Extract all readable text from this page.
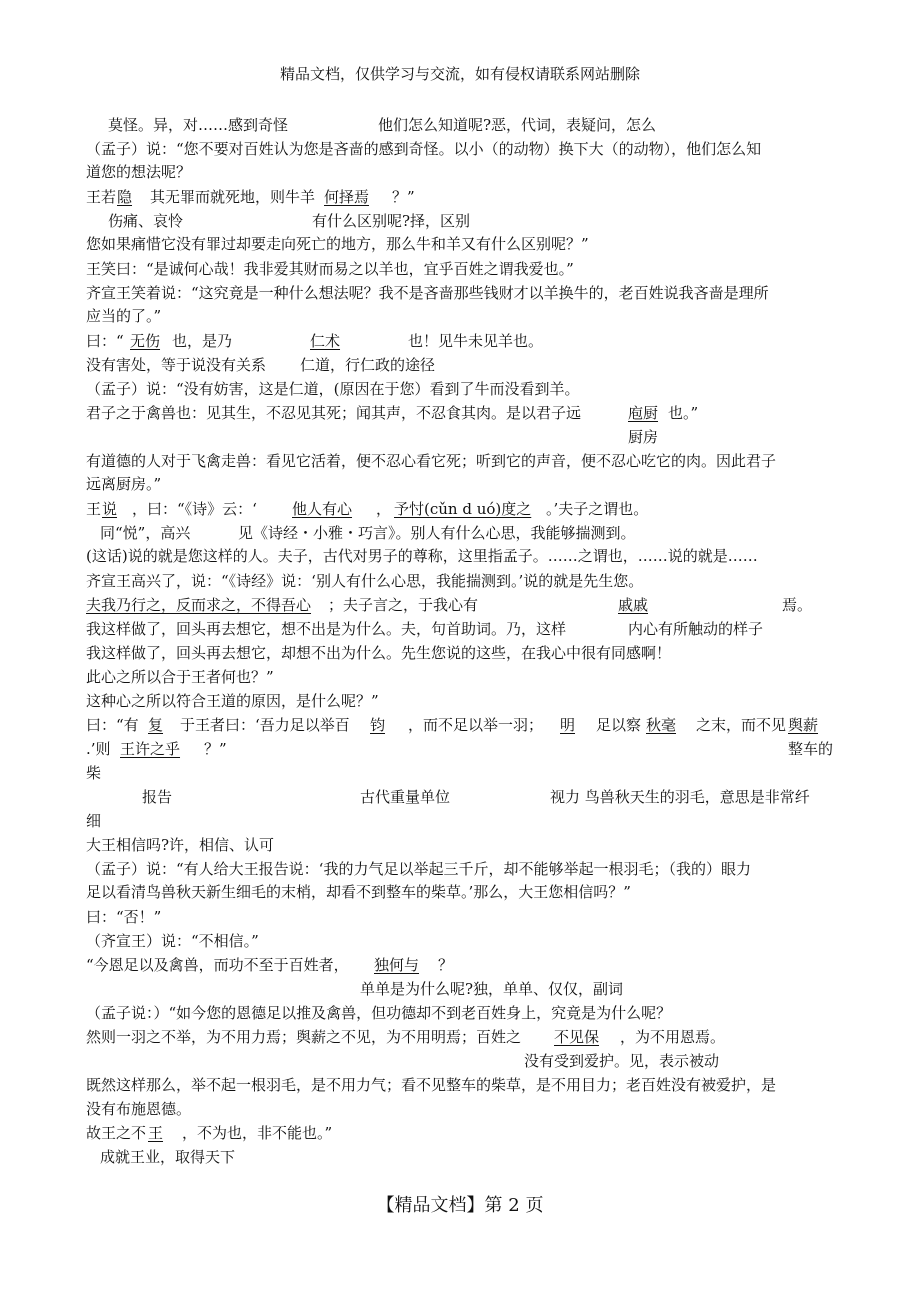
精品文档，仅供学习与交流，如有侵权请联系网站删除
莫怪。异，对……感到奇怪	他们怎么知道呢?恶，代词，表疑问，怎么
（孟子）说：“您不要对百姓认为您是吝啬的感到奇怪。以小（的动物）换下大（的动物），他们怎么知
道您的想法呢？
王若 隐 其无罪而就死地，则牛羊 何择焉 ？”
伤痛、哀怜	有什么区别呢?择，区别
您如果痛惜它没有罪过却要走向死亡的地方，那么牛和羊又有什么区别呢？”
王笑曰：“是诚何心哉！我非爱其财而易之以羊也，宜乎百姓之谓我爱也。”
齐宣王笑着说：“这究竟是一种什么想法呢？我不是吝啬那些钱财才以羊换牛的，老百姓说我吝啬是理所
应当的了。”
曰：“ 无伤 也，是乃	仁术	也！见牛未见羊也。
没有害处，等于说没有关系 仁道，行仁政的途径
（孟子）说：“没有妨害，这是仁道，(原因在于您）看到了牛而没看到羊。
君子之于禽兽也：见其生，不忍见其死；闻其声，不忍食其肉。是以君子远	庖厨 也。”
厨房
有道德的人对于飞禽走兽：看见它活着，便不忍心看它死；听到它的声音，便不忍心吃它的肉。因此君子
远离厨房。”
王 说 ，曰：“《诗》云：‘ 他人有心 ， 予忖(cǔn d uó)度之 。’夫子之谓也。
同“悦”，高兴	见《诗经・小雅・巧言》。别人有什么心思，我能够揣测到。
(这话)说的就是您这样的人。夫子，古代对男子的尊称，这里指孟子。……之谓也，……说的就是……
齐宣王高兴了，说：“《诗经》说：‘别人有什么心思，我能揣测到。’说的就是先生您。
夫我乃行之，反而求之，不得吾心 ；夫子言之，于我心有	戚戚	焉。
我这样做了，回头再去想它，想不出是为什么。夫，句首助词。乃，这样	内心有所触动的样子
我这样做了，回头再去想它，却想不出为什么。先生您说的这些，在我心中很有同感啊！
此心之所以合于王者何也？”
这种心之所以符合王道的原因，是什么呢？”
曰：“有 复 于王者曰：‘吾力足以举百 钧 ，而不足以举一羽； 明 足以察 秋毫 之末，而不见 舆薪
.’则 王许之乎 ？”	整车的
柴
报告	古代重量单位	视力 鸟兽秋天生的羽毛，意思是非常纤
细
大王相信吗?许，相信、认可
（孟子）说：“有人给大王报告说：‘我的力气足以举起三千斤，却不能够举起一根羽毛；（我的）眼力
足以看清鸟兽秋天新生细毛的末梢，却看不到整车的柴草。’那么，大王您相信吗？”
曰：“否！”
（齐宣王）说：“不相信。”
“今恩足以及禽兽，而功不至于百姓者， 独何与 ？
单单是为什么呢?独，单单、仅仅，副词
（孟子说：）“如今您的恩德足以推及禽兽，但功德却不到老百姓身上，究竟是为什么呢？
然则一羽之不举，为不用力焉；舆薪之不见，为不用明焉；百姓之 不见保 ，为不用恩焉。
没有受到爱护。见，表示被动
既然这样那么，举不起一根羽毛，是不用力气；看不见整车的柴草，是不用目力；老百姓没有被爱护，是
没有布施恩德。
故王之不 王 ，不为也，非不能也。”
成就王业，取得天下
【精品文档】第 2 页
